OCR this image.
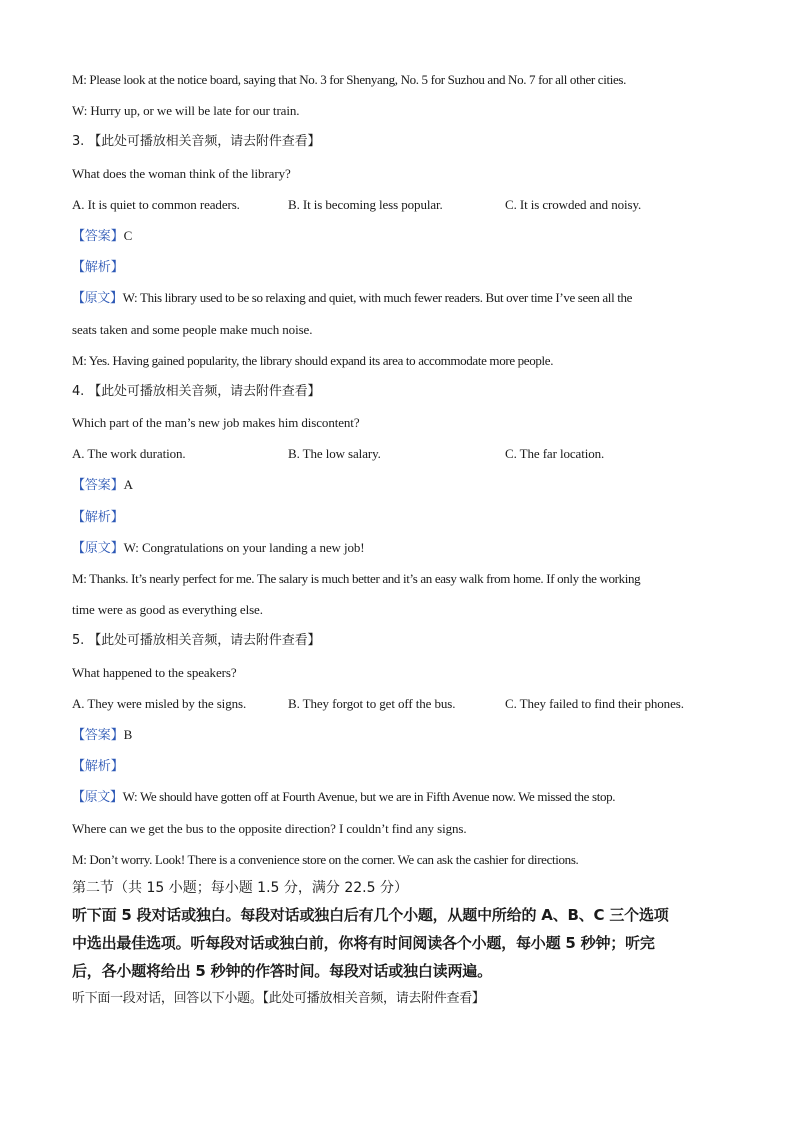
M: Please look at the notice board, saying that No. 3 for Shenyang, No. 5 for Suzhou and No. 7 for all other cities.
W: Hurry up, or we will be late for our train.
3. 【此处可播放相关音频，请去附件查看】
What does the woman think of the library?
A. It is quiet to common readers.	B. It is becoming less popular.	C. It is crowded and noisy.
【答案】C
【解析】
【原文】W: This library used to be so relaxing and quiet, with much fewer readers. But over time I’ve seen all the
seats taken and some people make much noise.
M: Yes. Having gained popularity, the library should expand its area to accommodate more people.
4. 【此处可播放相关音频，请去附件查看】
Which part of the man’s new job makes him discontent?
A. The work duration.	B. The low salary.	C. The far location.
【答案】A
【解析】
【原文】W: Congratulations on your landing a new job!
M: Thanks. It’s nearly perfect for me. The salary is much better and it’s an easy walk from home. If only the working
time were as good as everything else.
5. 【此处可播放相关音频，请去附件查看】
What happened to the speakers?
A. They were misled by the signs.	B. They forgot to get off the bus.	C. They failed to find their phones.
【答案】B
【解析】
【原文】W: We should have gotten off at Fourth Avenue, but we are in Fifth Avenue now. We missed the stop.
Where can we get the bus to the opposite direction? I couldn’t find any signs.
M: Don’t worry. Look! There is a convenience store on the corner. We can ask the cashier for directions.
第二节（共 15 小题；每小题 1.5 分，满分 22.5 分）
听下面 5 段对话或独白。每段对话或独白后有几个小题，从题中所给的 A、B、C 三个选项
中选出最佳选项。听每段对话或独白前，你将有时间阅读各个小题，每小题 5 秒钟；听完
后，各小题将给出 5 秒钟的作答时间。每段对话或独白读两遍。
听下面一段对话，回答以下小题。【此处可播放相关音频，请去附件查看】
